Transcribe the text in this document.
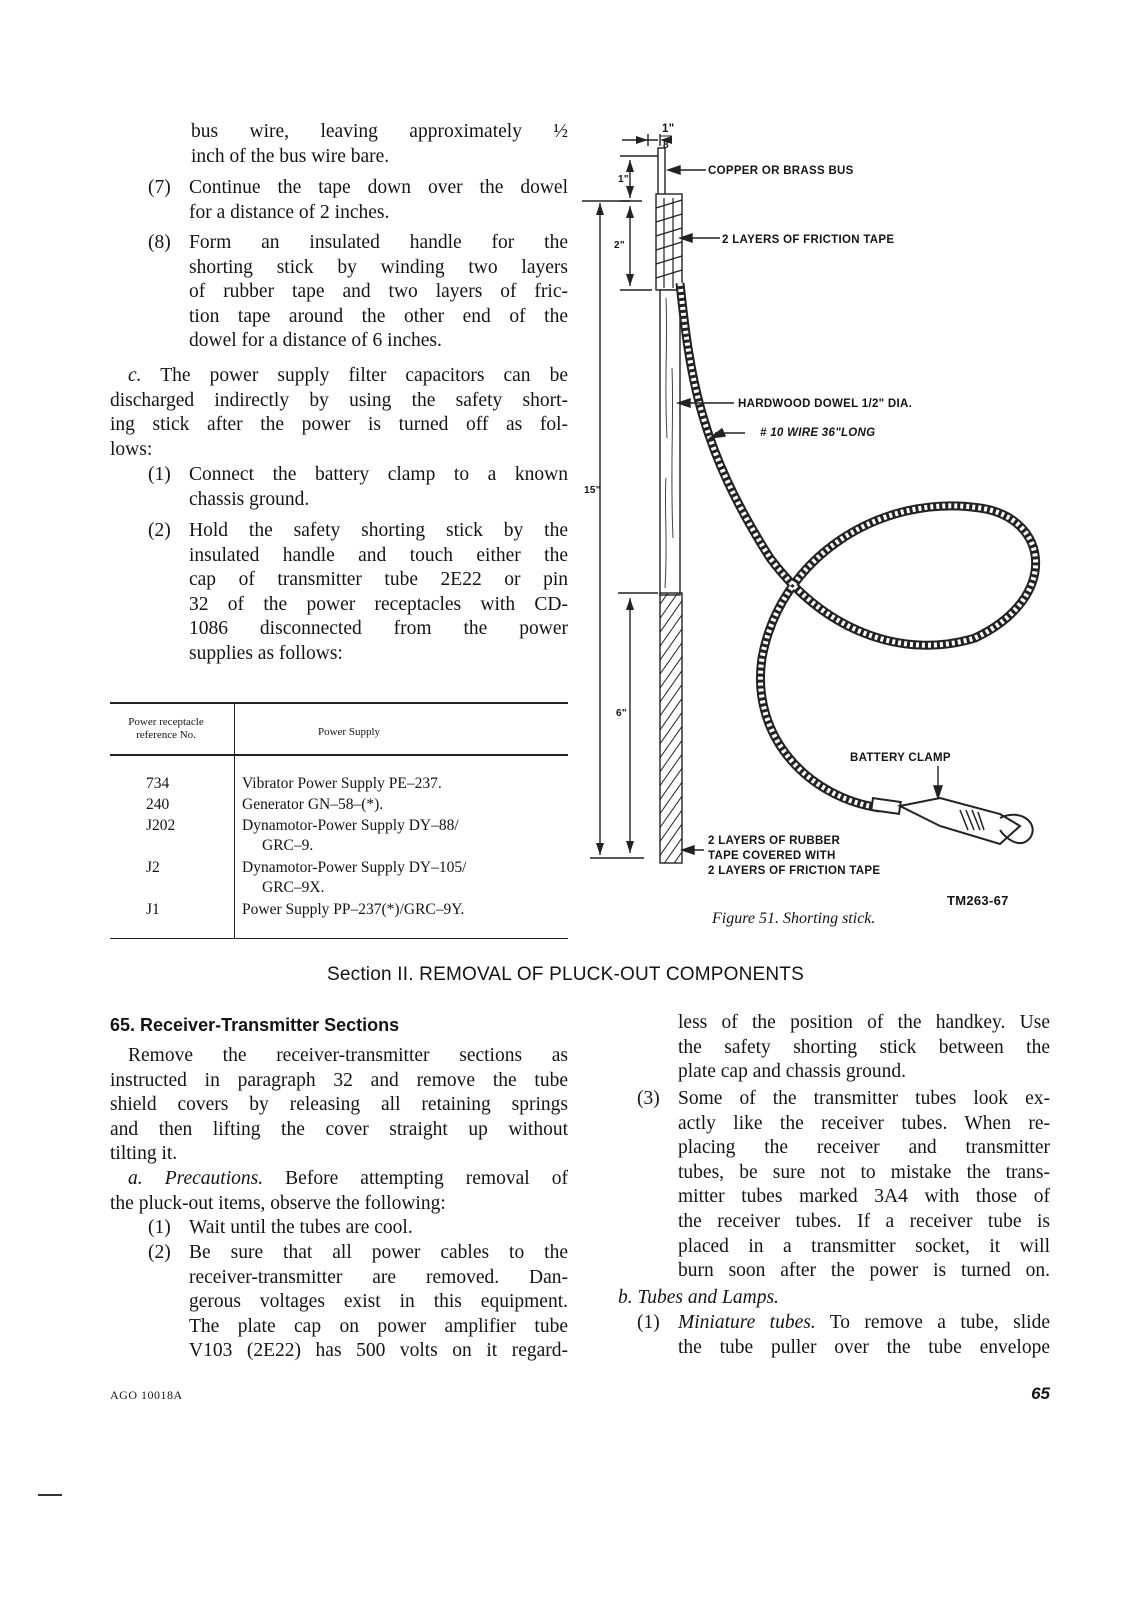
bus wire, leaving approximately ½
inch of the bus wire bare.
(7) Continue the tape down over the dowel
for a distance of 2 inches.
(8) Form an insulated handle for the
shorting stick by winding two layers
of rubber tape and two layers of fric-
tion tape around the other end of the
dowel for a distance of 6 inches.
c. The power supply filter capacitors can be
discharged indirectly by using the safety short-
ing stick after the power is turned off as fol-
lows:
(1) Connect the battery clamp to a known
chassis ground.
(2) Hold the safety shorting stick by the
insulated handle and touch either the
cap of transmitter tube 2E22 or pin
32 of the power receptacles with CD-
1086 disconnected from the power
supplies as follows:
Power receptacle
reference No.	Power Supply
734	Vibrator Power Supply PE–237.
240	Generator GN–58–(*).
J202	Dynamotor-Power Supply DY–88/
GRC–9.
J2	Dynamotor-Power Supply DY–105/
GRC–9X.
J1	Power Supply PP–237(*)/GRC–9Y.
1"
8
COPPER OR BRASS BUS
2 LAYERS OF FRICTION TAPE
HARDWOOD DOWEL 1/2" DIA.
# 10 WIRE 36"LONG
BATTERY CLAMP
2 LAYERS OF RUBBER
TAPE COVERED WITH
2 LAYERS OF FRICTION TAPE
1"
2"
15"
6"
TM263-67
Figure 51. Shorting stick.
Section II. REMOVAL OF PLUCK-OUT COMPONENTS
65. Receiver-Transmitter Sections
Remove the receiver-transmitter sections as
instructed in paragraph 32 and remove the tube
shield covers by releasing all retaining springs
and then lifting the cover straight up without
tilting it.
a. Precautions. Before attempting removal of
the pluck-out items, observe the following:
(1) Wait until the tubes are cool.
(2) Be sure that all power cables to the
receiver-transmitter are removed. Dan-
gerous voltages exist in this equipment.
The plate cap on power amplifier tube
V103 (2E22) has 500 volts on it regard-
less of the position of the handkey. Use
the safety shorting stick between the
plate cap and chassis ground.
(3) Some of the transmitter tubes look ex-
actly like the receiver tubes. When re-
placing the receiver and transmitter
tubes, be sure not to mistake the trans-
mitter tubes marked 3A4 with those of
the receiver tubes. If a receiver tube is
placed in a transmitter socket, it will
burn soon after the power is turned on.
b. Tubes and Lamps.
(1) Miniature tubes. To remove a tube, slide
the tube puller over the tube envelope
AGO 10018A	65
